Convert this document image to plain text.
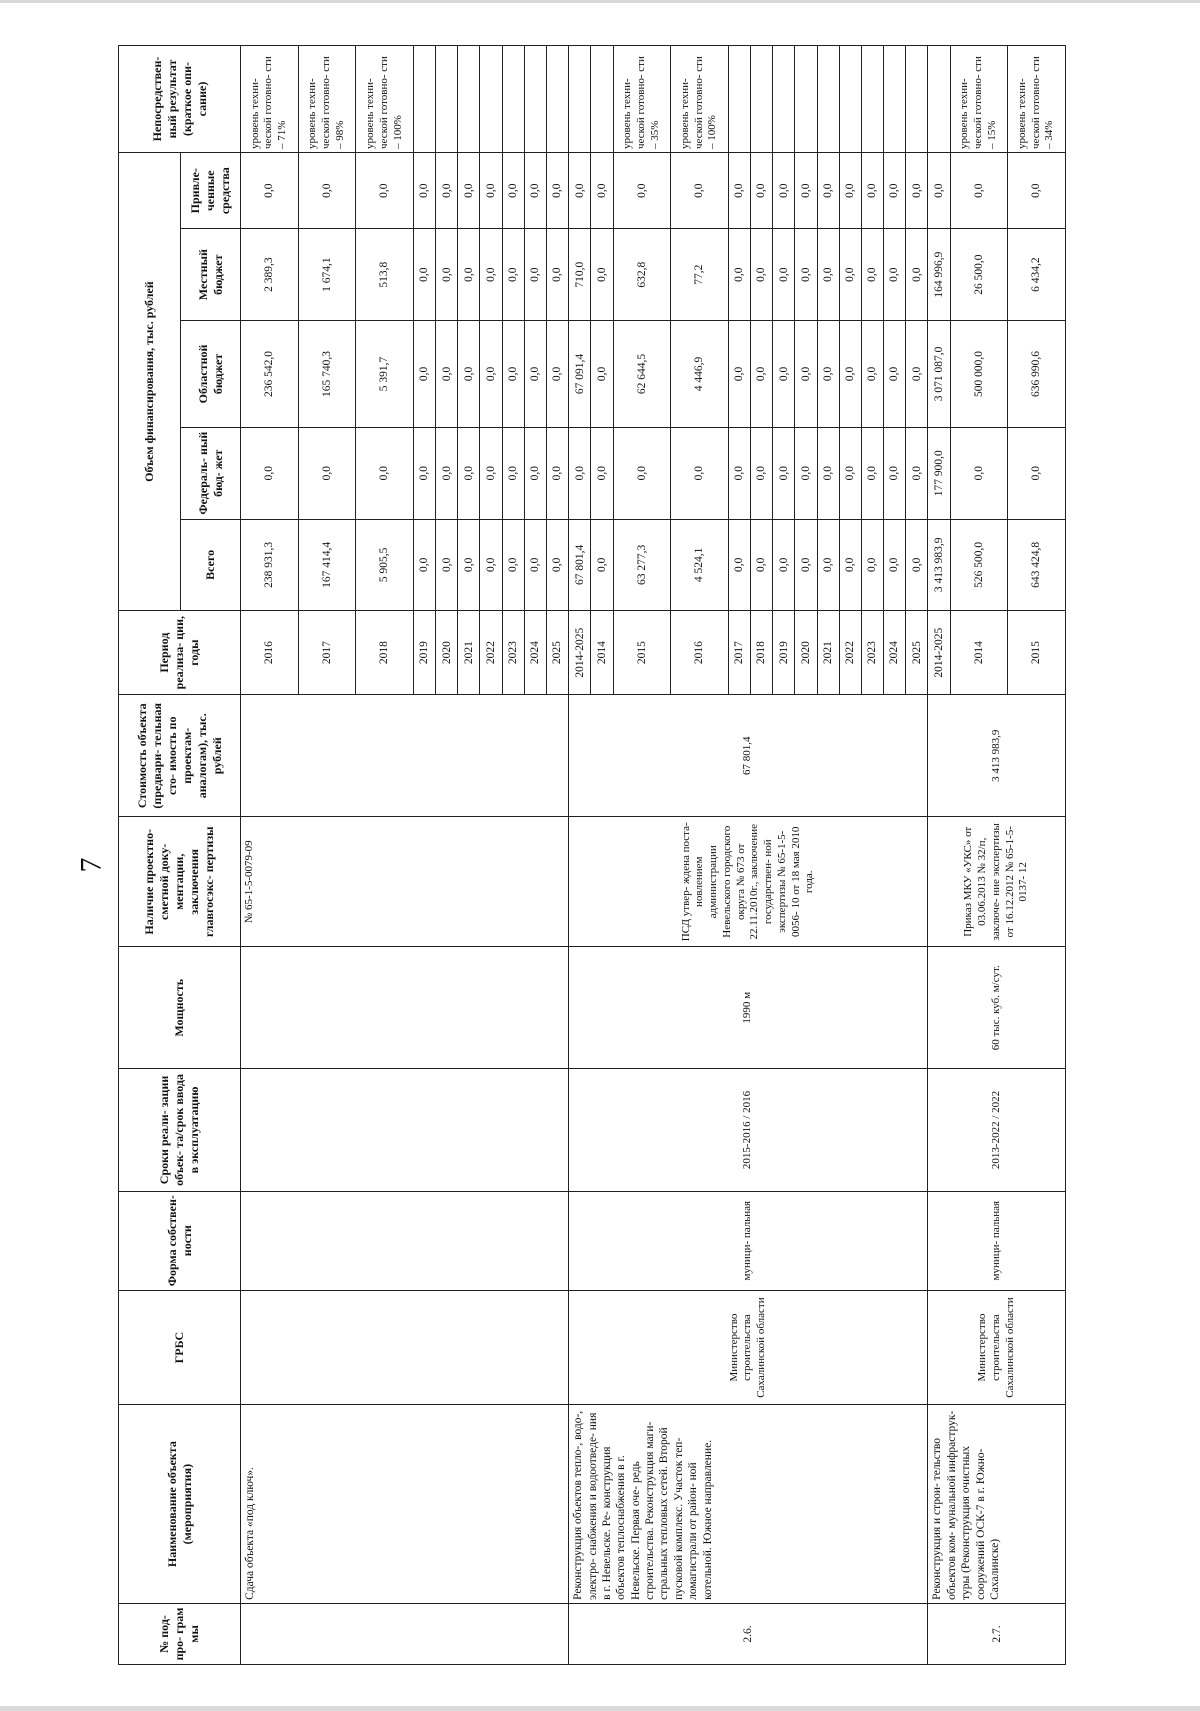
7
№ под- про- грам мы	Наименование объекта (мероприятия)	ГРБС	Форма собствен- ности	Сроки реали- зации объек- та/срок ввода в эксплуатацию	Мощность	Наличие проектно- сметной доку- ментации, заключения главгосэкс- пертизы	Стоимость объекта (предвари- тельная сто- имость по проектам- аналогам), тыс. рублей	Период реализа- ции, годы	Объем финансирования, тыс. рублей					Непосредствен- ный результат (краткое опи- сание)
									Всего	Федераль- ный бюд- жет	Областной бюджет	Местный бюджет	Привле- ченные средства	
	Сдача объекта «под ключ».					№ 65-1-5-0079-09		2016	238 931,3	0,0	236 542,0	2 389,3	0,0	уровень техни- ческой готовно- сти – 71%
								2017	167 414,4	0,0	165 740,3	1 674,1	0,0	уровень техни- ческой готовно- сти – 98%
								2018	5 905,5	0,0	5 391,7	513,8	0,0	уровень техни- ческой готовно- сти – 100%
								2019	0,0	0,0	0,0	0,0	0,0	
								2020	0,0	0,0	0,0	0,0	0,0	
								2021	0,0	0,0	0,0	0,0	0,0	
								2022	0,0	0,0	0,0	0,0	0,0	
								2023	0,0	0,0	0,0	0,0	0,0	
								2024	0,0	0,0	0,0	0,0	0,0	
								2025	0,0	0,0	0,0	0,0	0,0	
2.6.	Реконструкция объектов тепло-, водо-, электро- снабжения и водоотведе- ния в г. Невельске. Ре- конструкция объектов теплоснабжения в г. Невельске. Первая оче- редь строительства. Реконструкция маги- стральных тепловых сетей. Второй пусковой комплекс. Участок теп- ломагистрали от район- ной котельной. Южное направление.	Министерство строительства Сахалинской области	муници- пальная	2015-2016 / 2016	1990 м	ПСД утвер- ждена поста- новлением администрации Невельского городского округа № 673 от 22.11.2010г., заключение государствен- ной экспертизы № 65-1-5-0056- 10 от 18 мая 2010 года.	67 801,4	2014-2025	67 801,4	0,0	67 091,4	710,0	0,0	
								2014	0,0	0,0	0,0	0,0	0,0	
								2015	63 277,3	0,0	62 644,5	632,8	0,0	уровень техни- ческой готовно- сти – 35%
								2016	4 524,1	0,0	4 446,9	77,2	0,0	уровень техни- ческой готовно- сти – 100%
								2017	0,0	0,0	0,0	0,0	0,0	
								2018	0,0	0,0	0,0	0,0	0,0	
								2019	0,0	0,0	0,0	0,0	0,0	
								2020	0,0	0,0	0,0	0,0	0,0	
								2021	0,0	0,0	0,0	0,0	0,0	
								2022	0,0	0,0	0,0	0,0	0,0	
								2023	0,0	0,0	0,0	0,0	0,0	
								2024	0,0	0,0	0,0	0,0	0,0	
								2025	0,0	0,0	0,0	0,0	0,0	
2.7.	Реконструкция и строи- тельство объектов ком- мунальной инфраструк- туры (Реконструкция очистных сооружений ОСК-7 в г. Южно- Сахалинске)	Министерство строительства Сахалинской области	муници- пальная	2013-2022 / 2022	60 тыс. куб. м/сут.	Приказ МКУ «УКС» от 03.06.2013 № 32/п, заключе- ние экспертизы от 16.12.2012 № 65-1-5-0137- 12	3 413 983,9	2014-2025	3 413 983,9	177 900,0	3 071 087,0	164 996,9	0,0	
								2014	526 500,0	0,0	500 000,0	26 500,0	0,0	уровень техни- ческой готовно- сти – 15%
								2015	643 424,8	0,0	636 990,6	6 434,2	0,0	уровень техни- ческой готовно- сти – 34%
